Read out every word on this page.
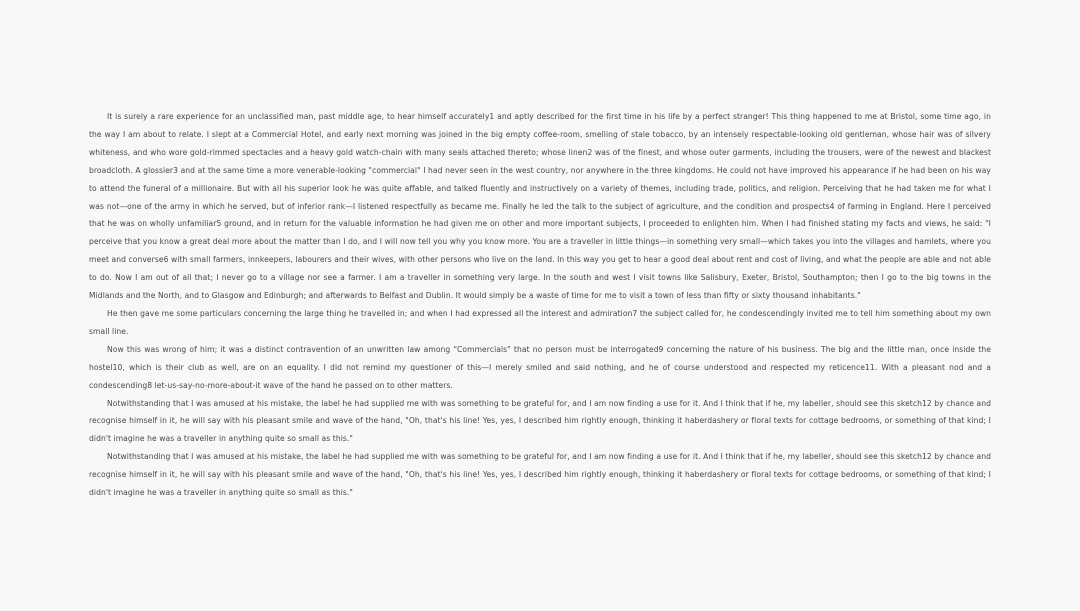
It is surely a rare experience for an unclassified man, past middle age, to hear himself accurately1 and aptly described for the first time in his life by a perfect stranger! This thing happened to me at Bristol, some time ago, in the way I am about to relate. I slept at a Commercial Hotel, and early next morning was joined in the big empty coffee-room, smelling of stale tobacco, by an intensely respectable-looking old gentleman, whose hair was of silvery whiteness, and who wore gold-rimmed spectacles and a heavy gold watch-chain with many seals attached thereto; whose linen2 was of the finest, and whose outer garments, including the trousers, were of the newest and blackest broadcloth. A glossier3 and at the same time a more venerable-looking "commercial" I had never seen in the west country, nor anywhere in the three kingdoms. He could not have improved his appearance if he had been on his way to attend the funeral of a millionaire. But with all his superior look he was quite affable, and talked fluently and instructively on a variety of themes, including trade, politics, and religion. Perceiving that he had taken me for what I was not—one of the army in which he served, but of inferior rank—I listened respectfully as became me. Finally he led the talk to the subject of agriculture, and the condition and prospects4 of farming in England. Here I perceived that he was on wholly unfamiliar5 ground, and in return for the valuable information he had given me on other and more important subjects, I proceeded to enlighten him. When I had finished stating my facts and views, he said: "I perceive that you know a great deal more about the matter than I do, and I will now tell you why you know more. You are a traveller in little things—in something very small—which takes you into the villages and hamlets, where you meet and converse6 with small farmers, innkeepers, labourers and their wives, with other persons who live on the land. In this way you get to hear a good deal about rent and cost of living, and what the people are able and not able to do. Now I am out of all that; I never go to a village nor see a farmer. I am a traveller in something very large. In the south and west I visit towns like Salisbury, Exeter, Bristol, Southampton; then I go to the big towns in the Midlands and the North, and to Glasgow and Edinburgh; and afterwards to Belfast and Dublin. It would simply be a waste of time for me to visit a town of less than fifty or sixty thousand inhabitants."

He then gave me some particulars concerning the large thing he travelled in; and when I had expressed all the interest and admiration7 the subject called for, he condescendingly invited me to tell him something about my own small line.

Now this was wrong of him; it was a distinct contravention of an unwritten law among "Commercials" that no person must be interrogated9 concerning the nature of his business. The big and the little man, once inside the hostel10, which is their club as well, are on an equality. I did not remind my questioner of this—I merely smiled and said nothing, and he of course understood and respected my reticence11. With a pleasant nod and a condescending8 let-us-say-no-more-about-it wave of the hand he passed on to other matters.

Notwithstanding that I was amused at his mistake, the label he had supplied me with was something to be grateful for, and I am now finding a use for it. And I think that if he, my labeller, should see this sketch12 by chance and recognise himself in it, he will say with his pleasant smile and wave of the hand, "Oh, that's his line! Yes, yes, I described him rightly enough, thinking it haberdashery or floral texts for cottage bedrooms, or something of that kind; I didn't imagine he was a traveller in anything quite so small as this."

Notwithstanding that I was amused at his mistake, the label he had supplied me with was something to be grateful for, and I am now finding a use for it. And I think that if he, my labeller, should see this sketch12 by chance and recognise himself in it, he will say with his pleasant smile and wave of the hand, "Oh, that's his line! Yes, yes, I described him rightly enough, thinking it haberdashery or floral texts for cottage bedrooms, or something of that kind; I didn't imagine he was a traveller in anything quite so small as this."
